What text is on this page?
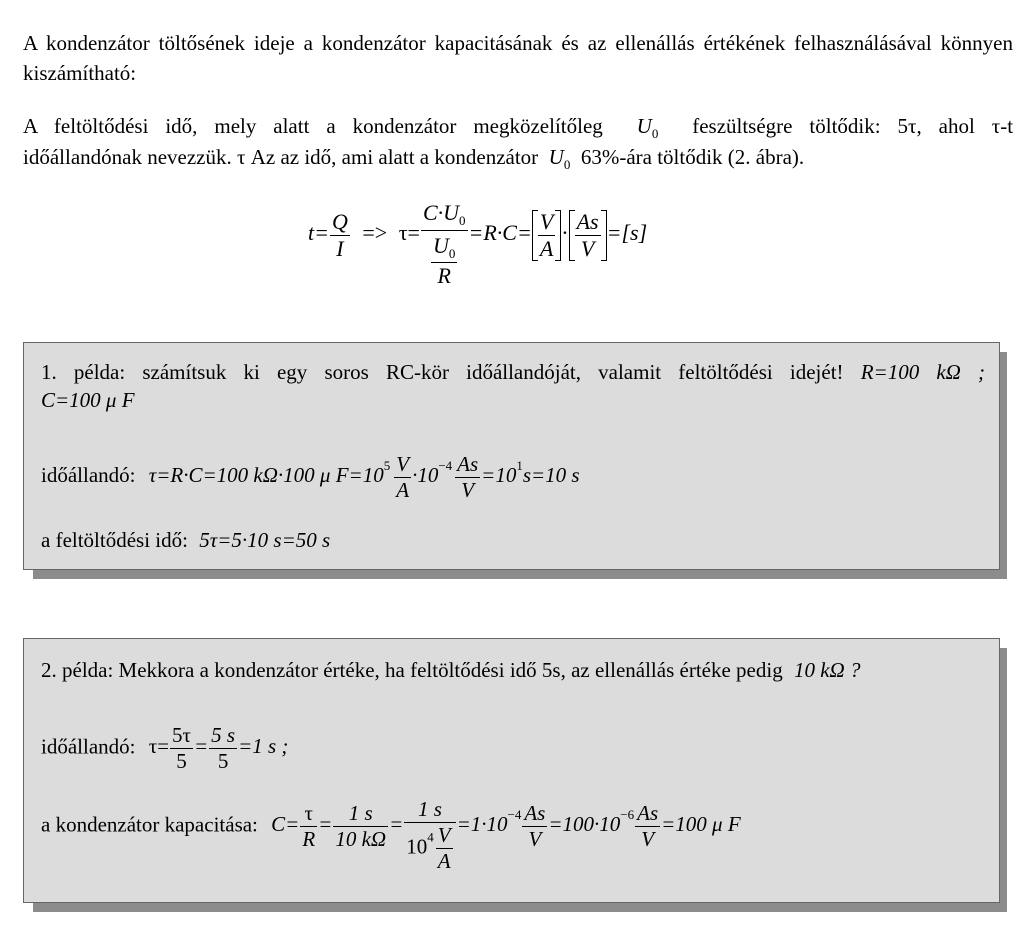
A kondenzátor töltősének ideje a kondenzátor kapacitásának és az ellenállás értékének felhasználásával könnyen kiszámítható:
A feltöltődési idő, mely alatt a kondenzátor megközelítőleg $U_0$ feszültségre töltődik: 5τ, ahol τ-t
időállandónak nevezzük. τ Az az idő, ami alatt a kondenzátor $U_0$ 63%-ára töltődik (2. ábra).
$t= \frac{Q}{I} => \tau= \frac{C\cdot U_0}{\frac{U_0}{R}} =R\cdot C= \frac{V}{A} \cdot \frac{As}{V} =[s]$
1. példa: számítsuk ki egy soros RC-kör időállandóját, valamit feltöltődési idejét! R=100 kΩ ;
C=100 μ F
időállandó: τ=R·C=100 kΩ·100 μ $F=10^5 \frac{V}{A} \cdot 10^{-4} \frac{As}{V} =10^1s=10$ s
a feltöltődési idő: 5τ=5·10 s=50 s
2. példa: Mekkora a kondenzátor értéke, ha feltöltődési idő 5s, az ellenállás értéke pedig 10 kΩ ?
időállandó: $\tau= \frac{5\tau}{5} = \frac{5 s}{5} =1$ s ;
a kondenzátor kapacitása: $C= \frac{\tau}{R} = \frac{1 s}{10 k\Omega} = \frac{1 s}{10^4 \frac{V}{A}} =1\cdot 10^{-4} \frac{As}{V} =100\cdot 10^{-6} \frac{As}{V} =100$ μ F
